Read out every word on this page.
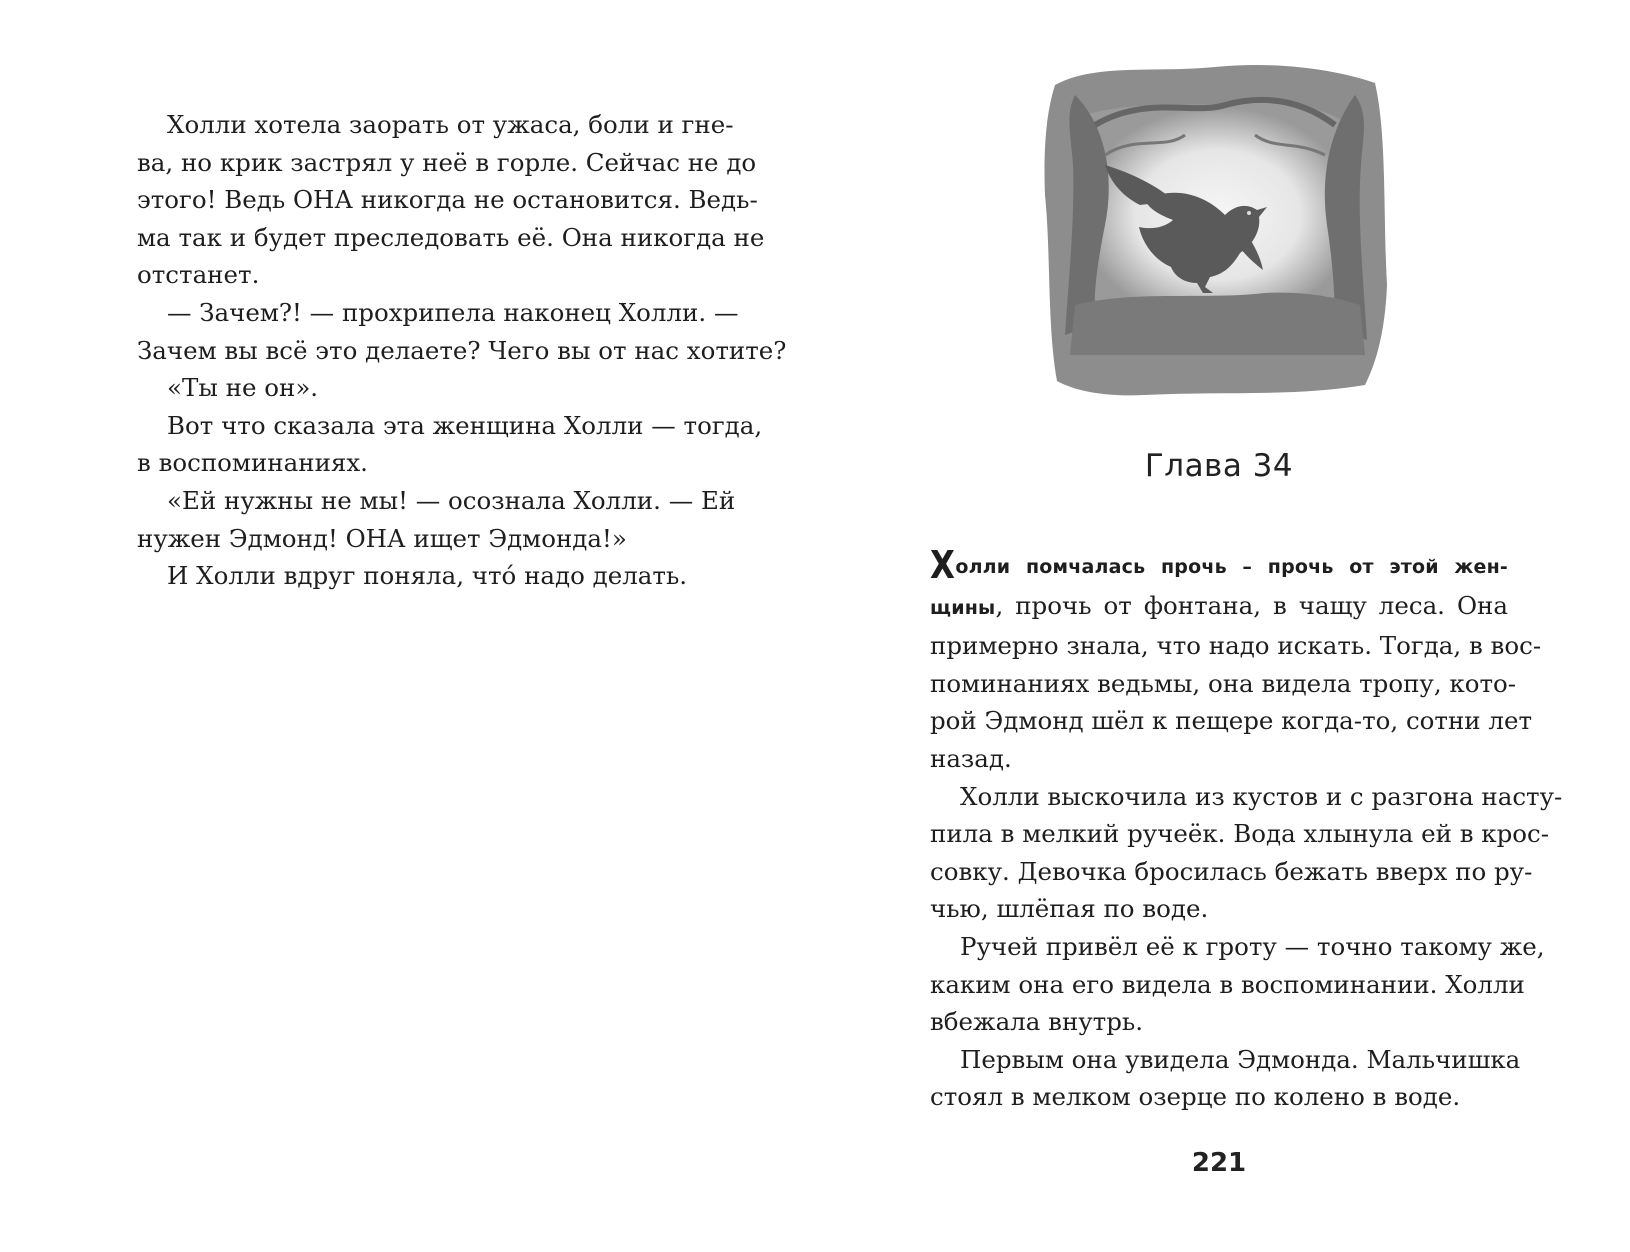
Холли хотела заорать от ужаса, боли и гне-
ва, но крик застрял у неё в горле. Сейчас не до
этого! Ведь ОНА никогда не остановится. Ведь-
ма так и будет преследовать её. Она никогда не
отстанет.
— Зачем?! — прохрипела наконец Холли. —
Зачем вы всё это делаете? Чего вы от нас хотите?
«Ты не он».
Вот что сказала эта женщина Холли — тогда,
в воспоминаниях.
«Ей нужны не мы! — осознала Холли. — Ей
нужен Эдмонд! ОНА ищет Эдмонда!»
И Холли вдруг поняла, что́ надо делать.
Глава 34
Холли помчалась прочь – прочь от этой жен-
щины, прочь от фонтана, в чащу леса. Она
примерно знала, что надо искать. Тогда, в вос-
поминаниях ведьмы, она видела тропу, кото-
рой Эдмонд шёл к пещере когда-то, сотни лет
назад.
Холли выскочила из кустов и с разгона насту-
пила в мелкий ручеёк. Вода хлынула ей в крос-
совку. Девочка бросилась бежать вверх по ру-
чью, шлёпая по воде.
Ручей привёл её к гроту — точно такому же,
каким она его видела в воспоминании. Холли
вбежала внутрь.
Первым она увидела Эдмонда. Мальчишка
стоял в мелком озерце по колено в воде.
221
